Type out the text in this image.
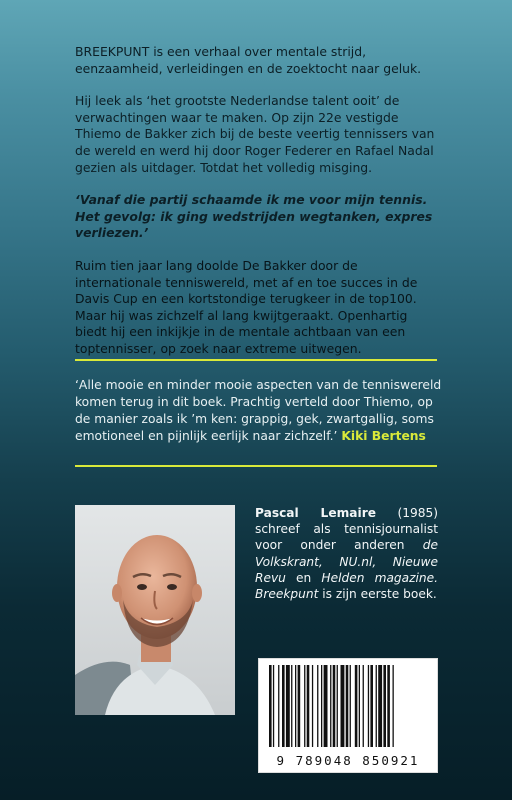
BREEKPUNT is een verhaal over mentale strijd, eenzaamheid, verleidingen en de zoektocht naar geluk.

Hij leek als ‘het grootste Nederlandse talent ooit’ de verwachtingen waar te maken. Op zijn 22e vestigde Thiemo de Bakker zich bij de beste veertig tennissers van de wereld en werd hij door Roger Federer en Rafael Nadal gezien als uitdager. Totdat het volledig misging.

‘Vanaf die partij schaamde ik me voor mijn tennis. Het gevolg: ik ging wedstrijden wegtanken, expres verliezen.’

Ruim tien jaar lang doolde De Bakker door de internationale tenniswereld, met af en toe succes in de Davis Cup en een kortstondige terugkeer in de top100. Maar hij was zichzelf al lang kwijtgeraakt. Openhartig biedt hij een inkijkje in de mentale achtbaan van een toptennisser, op zoek naar extreme uitwegen.

‘Alle mooie en minder mooie aspecten van de tenniswereld komen terug in dit boek. Prachtig verteld door Thiemo, op de manier zoals ik ’m ken: grappig, gek, zwartgallig, soms emotioneel en pijnlijk eerlijk naar zichzelf.’ Kiki Bertens
Pascal Lemaire (1985) schreef als tennisjournalist voor onder anderen de Volkskrant, NU.nl, Nieuwe Revu en Helden magazine. Breekpunt is zijn eerste boek.
9 789048 850921
